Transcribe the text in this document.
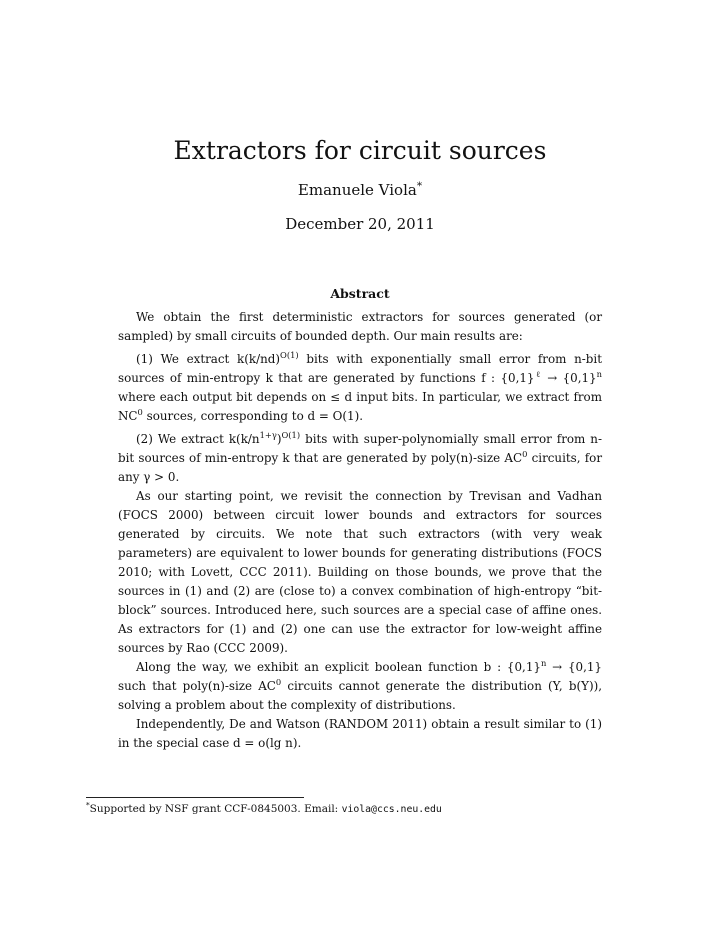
Extractors for circuit sources
Emanuele Viola*
December 20, 2011
Abstract

We obtain the first deterministic extractors for sources generated (or sampled) by small circuits of bounded depth. Our main results are:

(1) We extract $k(k/nd)^{O(1)}$ bits with exponentially small error from n-bit sources of min-entropy k that are generated by functions f : $\{0,1\}^\ell \to \{0,1\}^n$ where each output bit depends on ≤ d input bits. In particular, we extract from $NC^0$ sources, corresponding to d = O(1).

(2) We extract $k(k/n^{1+\gamma})^{O(1)}$ bits with super-polynomially small error from n-bit sources of min-entropy k that are generated by poly(n)-size $AC^0$ circuits, for any γ > 0.

As our starting point, we revisit the connection by Trevisan and Vadhan (FOCS 2000) between circuit lower bounds and extractors for sources generated by circuits. We note that such extractors (with very weak parameters) are equivalent to lower bounds for generating distributions (FOCS 2010; with Lovett, CCC 2011). Building on those bounds, we prove that the sources in (1) and (2) are (close to) a convex combination of high-entropy “bit-block” sources. Introduced here, such sources are a special case of affine ones. As extractors for (1) and (2) one can use the extractor for low-weight affine sources by Rao (CCC 2009).

Along the way, we exhibit an explicit boolean function b : $\{0,1\}^n \to \{0,1\}$ such that poly(n)-size $AC^0$ circuits cannot generate the distribution (Y, b(Y)), solving a problem about the complexity of distributions.

Independently, De and Watson (RANDOM 2011) obtain a result similar to (1) in the special case d = o(lg n).

*Supported by NSF grant CCF-0845003. Email: viola@ccs.neu.edu
